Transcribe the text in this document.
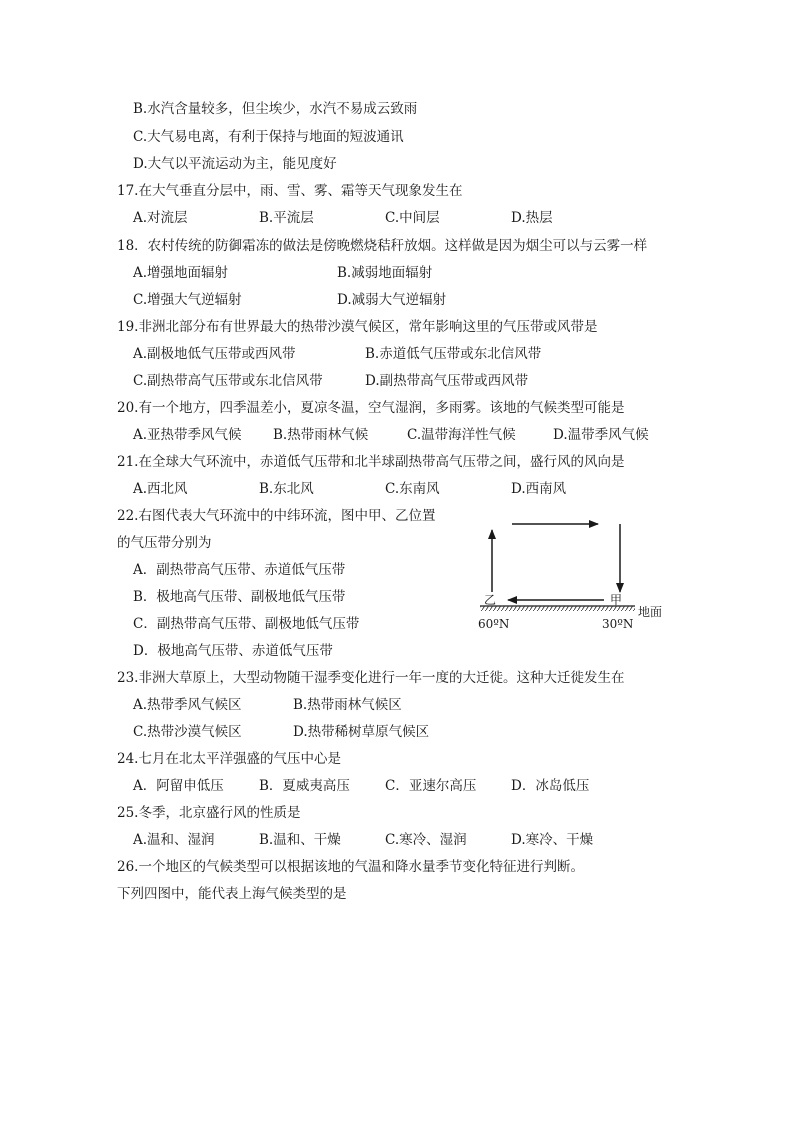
B.水汽含量较多，但尘埃少，水汽不易成云致雨
C.大气易电离，有利于保持与地面的短波通讯
D.大气以平流运动为主，能见度好
17.在大气垂直分层中，雨、雪、雾、霜等天气现象发生在
A.对流层	B.平流层	C.中间层	D.热层
18．农村传统的防御霜冻的做法是傍晚燃烧秸秆放烟。这样做是因为烟尘可以与云雾一样
A.增强地面辐射	B.减弱地面辐射
C.增强大气逆辐射	D.减弱大气逆辐射
19.非洲北部分布有世界最大的热带沙漠气候区，常年影响这里的气压带或风带是
A.副极地低气压带或西风带	B.赤道低气压带或东北信风带
C.副热带高气压带或东北信风带	D.副热带高气压带或西风带
20.有一个地方，四季温差小，夏凉冬温，空气湿润，多雨雾。该地的气候类型可能是
A.亚热带季风气候 B.热带雨林气候	C.温带海洋性气候	D.温带季风气候
21.在全球大气环流中，赤道低气压带和北半球副热带高气压带之间，盛行风的风向是
A.西北风	B.东北风	C.东南风	D.西南风
22.右图代表大气环流中的中纬环流，图中甲、乙位置
的气压带分别为
A．副热带高气压带、赤道低气压带
B．极地高气压带、副极地低气压带
C．副热带高气压带、副极地低气压带
D．极地高气压带、赤道低气压带
乙	甲
地面
60ºN	30ºN
23.非洲大草原上，大型动物随干湿季变化进行一年一度的大迁徙。这种大迁徙发生在
A.热带季风气候区	B.热带雨林气候区
C.热带沙漠气候区	D.热带稀树草原气候区
24.七月在北太平洋强盛的气压中心是
A．阿留申低压	B．夏威夷高压	C．亚速尔高压	D．冰岛低压
25.冬季，北京盛行风的性质是
A.温和、湿润	B.温和、干燥	C.寒冷、湿润	D.寒冷、干燥
26.一个地区的气候类型可以根据该地的气温和降水量季节变化特征进行判断。
下列四图中，能代表上海气候类型的是
